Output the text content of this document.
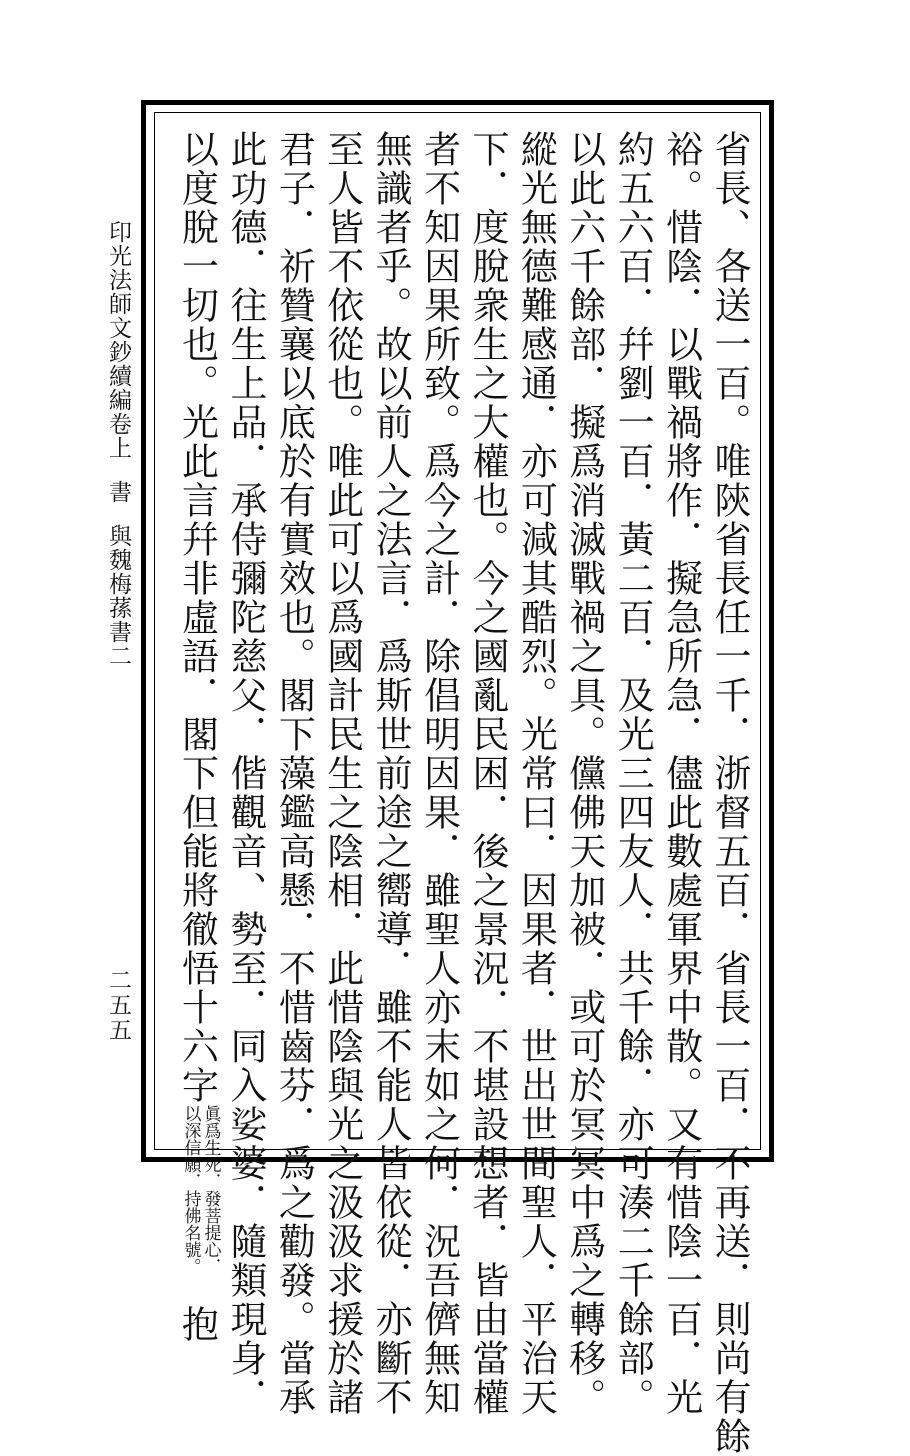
印光法師文鈔續編卷上書與魏梅蓀書二
二五五	省長、各送一百。唯陝省長任一千．浙督五百．省長一百．不再送．則尚有餘
裕。惜陰．以戰禍將作．擬急所急．儘此數處軍界中散。又有惜陰一百．光
約五六百．幷劉一百．黃二百．及光三四友人．共千餘．亦可湊二千餘部。
以此六千餘部．擬爲消滅戰禍之具。儻佛天加被．或可於冥冥中爲之轉移。
縱光無德難感通．亦可減其酷烈。光常曰．因果者．世出世間聖人．平治天
下．度脫衆生之大權也。今之國亂民困．後之景況．不堪設想者．皆由當權
者不知因果所致。爲今之計．除倡明因果．雖聖人亦末如之何．況吾儕無知
無識者乎。故以前人之法言．爲斯世前途之嚮導．雖不能人皆依從．亦斷不
至人皆不依從也。唯此可以爲國計民生之陰相．此惜陰與光之汲汲求援於諸
君子．祈贊襄以底於有實效也。閣下藻鑑高懸．不惜齒芬．爲之勸發。當承
此功德．往生上品．承侍彌陀慈父．偕觀音、勢至．同入娑婆．隨類現身．
以度脫一切也。光此言幷非虛語．閣下但能將徹悟十六字
眞爲生死．發菩提心．
以深信願．持佛名號。
抱
